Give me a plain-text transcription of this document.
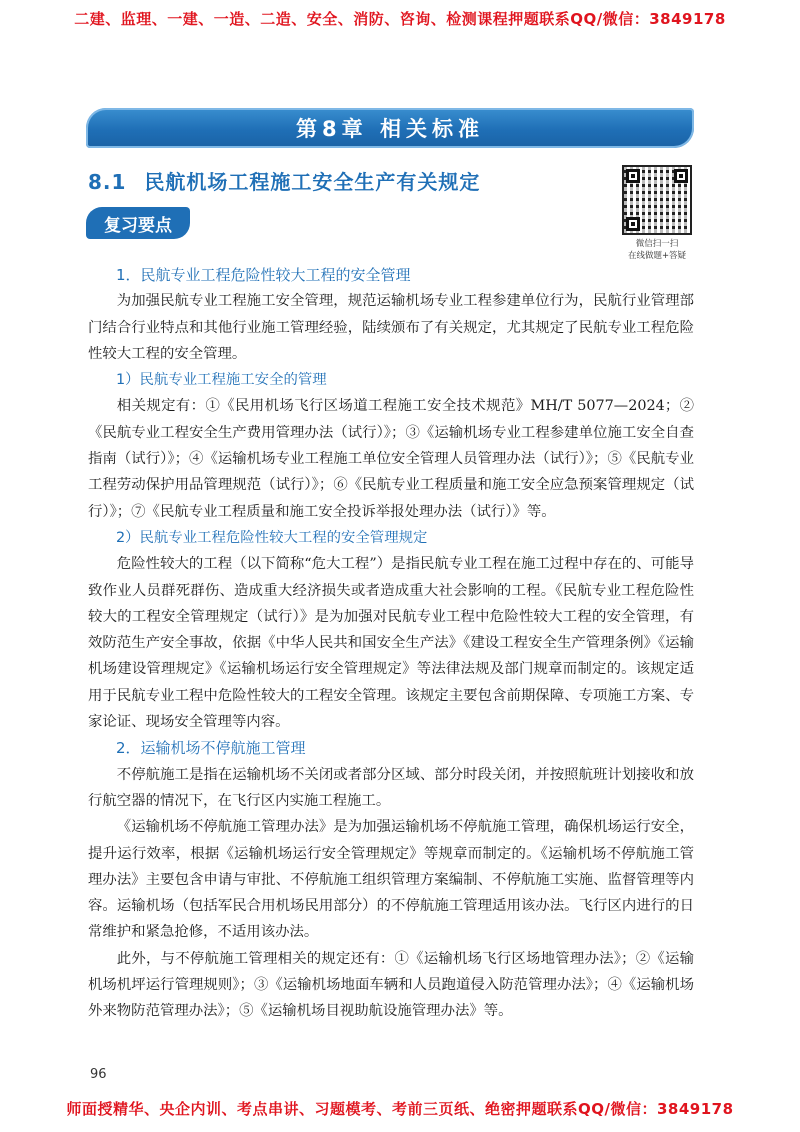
二建、监理、一建、一造、二造、安全、消防、咨询、检测课程押题联系QQ/微信：3849178
第8章 相关标准
8.1 民航机场工程施工安全生产有关规定
复习要点
微信扫一扫
在线做题+答疑

1．民航专业工程危险性较大工程的安全管理

为加强民航专业工程施工安全管理，规范运输机场专业工程参建单位行为，民航行业管理部门结合行业特点和其他行业施工管理经验，陆续颁布了有关规定，尤其规定了民航专业工程危险性较大工程的安全管理。

1）民航专业工程施工安全的管理

相关规定有：①《民用机场飞行区场道工程施工安全技术规范》MH/T 5077—2024；②《民航专业工程安全生产费用管理办法（试行）》；③《运输机场专业工程参建单位施工安全自查指南（试行）》；④《运输机场专业工程施工单位安全管理人员管理办法（试行）》；⑤《民航专业工程劳动保护用品管理规范（试行）》；⑥《民航专业工程质量和施工安全应急预案管理规定（试行）》；⑦《民航专业工程质量和施工安全投诉举报处理办法（试行）》等。

2）民航专业工程危险性较大工程的安全管理规定

危险性较大的工程（以下简称“危大工程”）是指民航专业工程在施工过程中存在的、可能导致作业人员群死群伤、造成重大经济损失或者造成重大社会影响的工程。《民航专业工程危险性较大的工程安全管理规定（试行）》是为加强对民航专业工程中危险性较大工程的安全管理，有效防范生产安全事故，依据《中华人民共和国安全生产法》《建设工程安全生产管理条例》《运输机场建设管理规定》《运输机场运行安全管理规定》等法律法规及部门规章而制定的。该规定适用于民航专业工程中危险性较大的工程安全管理。该规定主要包含前期保障、专项施工方案、专家论证、现场安全管理等内容。

2．运输机场不停航施工管理

不停航施工是指在运输机场不关闭或者部分区域、部分时段关闭，并按照航班计划接收和放行航空器的情况下，在飞行区内实施工程施工。

《运输机场不停航施工管理办法》是为加强运输机场不停航施工管理，确保机场运行安全，提升运行效率，根据《运输机场运行安全管理规定》等规章而制定的。《运输机场不停航施工管理办法》主要包含申请与审批、不停航施工组织管理方案编制、不停航施工实施、监督管理等内容。运输机场（包括军民合用机场民用部分）的不停航施工管理适用该办法。飞行区内进行的日常维护和紧急抢修，不适用该办法。

此外，与不停航施工管理相关的规定还有：①《运输机场飞行区场地管理办法》；②《运输机场机坪运行管理规则》；③《运输机场地面车辆和人员跑道侵入防范管理办法》；④《运输机场外来物防范管理办法》；⑤《运输机场目视助航设施管理办法》等。

96
师面授精华、央企内训、考点串讲、习题模考、考前三页纸、绝密押题联系QQ/微信：3849178
